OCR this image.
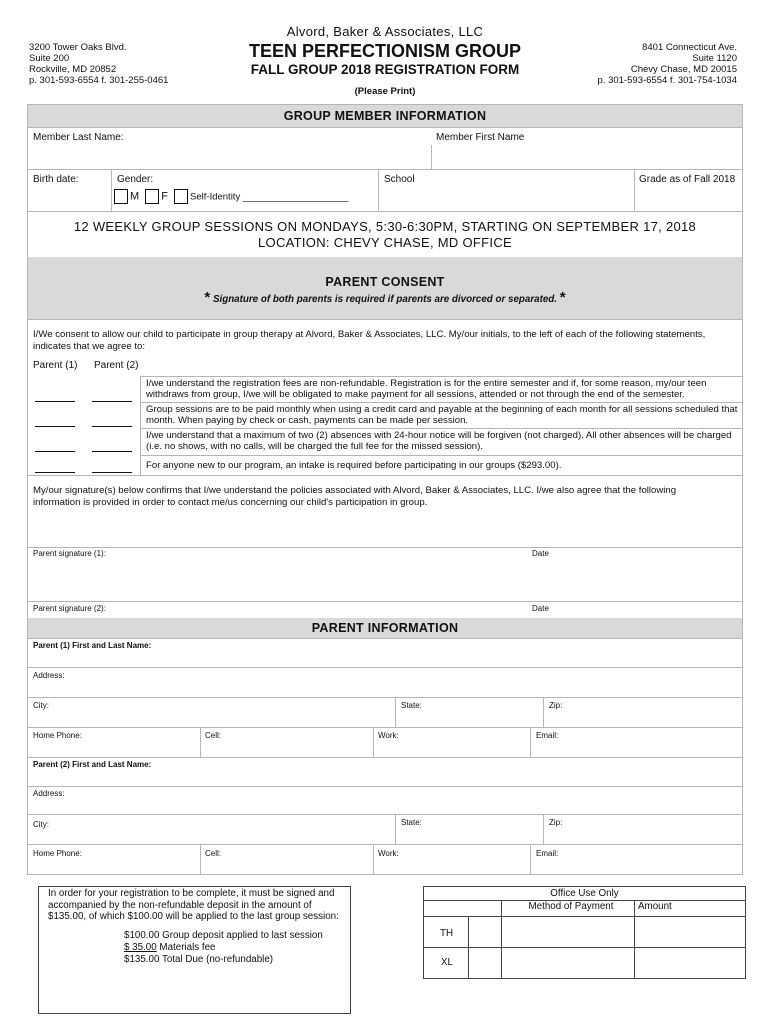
3200 Tower Oaks Blvd.
Suite 200
Rockville, MD 20852
p. 301-593-6554 f. 301-255-0461
8401 Connecticut Ave.
Suite 1120
Chevy Chase, MD 20015
p. 301-593-6554 f. 301-754-1034
Alvord, Baker & Associates, LLC
TEEN PERFECTIONISM GROUP
FALL GROUP 2018 REGISTRATION FORM
(Please Print)
GROUP MEMBER INFORMATION
Member Last Name:	Member First Name
Birth date:	Gender:
M F Self-Identity ____________________
School	Grade as of Fall 2018
12 WEEKLY GROUP SESSIONS ON MONDAYS, 5:30-6:30PM, STARTING ON SEPTEMBER 17, 2018
LOCATION: CHEVY CHASE, MD OFFICE
PARENT CONSENT
* Signature of both parents is required if parents are divorced or separated. *
I/We consent to allow our child to participate in group therapy at Alvord, Baker & Associates, LLC. My/our initials, to the left of each of the following statements, indicates that we agree to:
Parent (1) Parent (2)
I/we understand the registration fees are non-refundable. Registration is for the entire semester and if, for some reason, my/our teen withdraws from group, I/we will be obligated to make payment for all sessions, attended or not through the end of the semester.
Group sessions are to be paid monthly when using a credit card and payable at the beginning of each month for all sessions scheduled that month. When paying by check or cash, payments can be made per session.
I/we understand that a maximum of two (2) absences with 24-hour notice will be forgiven (not charged). All other absences will be charged (i.e. no shows, with no calls, will be charged the full fee for the missed session).
For anyone new to our program, an intake is required before participating in our groups ($293.00).
My/our signature(s) below confirms that I/we understand the policies associated with Alvord, Baker & Associates, LLC. I/we also agree that the following information is provided in order to contact me/us concerning our child's participation in group.
Parent signature (1):	Date
Parent signature (2):	Date
PARENT INFORMATION
Parent (1) First and Last Name:
Address:
City:	State:	Zip:
Home Phone:	Cell:	Work:	Email:
Parent (2) First and Last Name:
Address:
City:	State:	Zip:
Home Phone:	Cell:	Work:	Email:
In order for your registration to be complete, it must be signed and accompanied by the non-refundable deposit in the amount of $135.00, of which $100.00 will be applied to the last group session:
$100.00 Group deposit applied to last session
$ 35.00 Materials fee
$135.00 Total Due (no-refundable)
Office Use Only
Method of Payment	Amount
TH
XL
